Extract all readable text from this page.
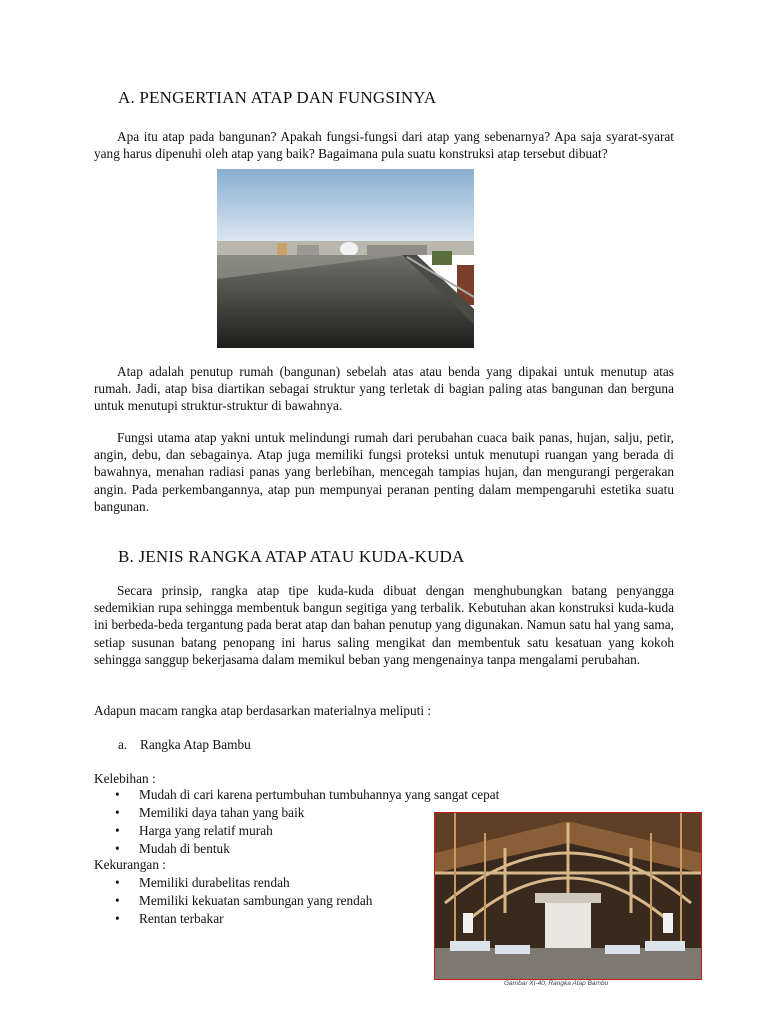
A. PENGERTIAN ATAP DAN FUNGSINYA
Apa itu atap pada bangunan? Apakah fungsi-fungsi dari atap yang sebenarnya? Apa saja syarat-syarat yang harus dipenuhi oleh atap yang baik? Bagaimana pula suatu konstruksi atap tersebut dibuat?
Atap adalah penutup rumah (bangunan) sebelah atas atau benda yang dipakai untuk menutup atas rumah. Jadi, atap bisa diartikan sebagai struktur yang terletak di bagian paling atas bangunan dan berguna untuk menutupi struktur-struktur di bawahnya.
Fungsi utama atap yakni untuk melindungi rumah dari perubahan cuaca baik panas, hujan, salju, petir, angin, debu, dan sebagainya. Atap juga memiliki fungsi proteksi untuk menutupi ruangan yang berada di bawahnya, menahan radiasi panas yang berlebihan, mencegah tampias hujan, dan mengurangi pergerakan angin. Pada perkembangannya, atap pun mempunyai peranan penting dalam mempengaruhi estetika suatu bangunan.
B. JENIS RANGKA ATAP ATAU KUDA-KUDA
Secara prinsip, rangka atap tipe kuda-kuda dibuat dengan menghubungkan batang penyangga sedemikian rupa sehingga membentuk bangun segitiga yang terbalik. Kebutuhan akan konstruksi kuda-kuda ini berbeda-beda tergantung pada berat atap dan bahan penutup yang digunakan. Namun satu hal yang sama, setiap susunan batang penopang ini harus saling mengikat dan membentuk satu kesatuan yang kokoh sehingga sanggup bekerjasama dalam memikul beban yang mengenainya tanpa mengalami perubahan.
Adapun macam rangka atap berdasarkan materialnya meliputi :
a. Rangka Atap Bambu
Kelebihan :
• Mudah di cari karena pertumbuhan tumbuhannya yang sangat cepat
• Memiliki daya tahan yang baik
• Harga yang relatif murah
• Mudah di bentuk
Kekurangan :
• Memiliki durabelitas rendah
• Memiliki kekuatan sambungan yang rendah
• Rentan terbakar
Gambar XI-40, Rangka Atap Bambu
